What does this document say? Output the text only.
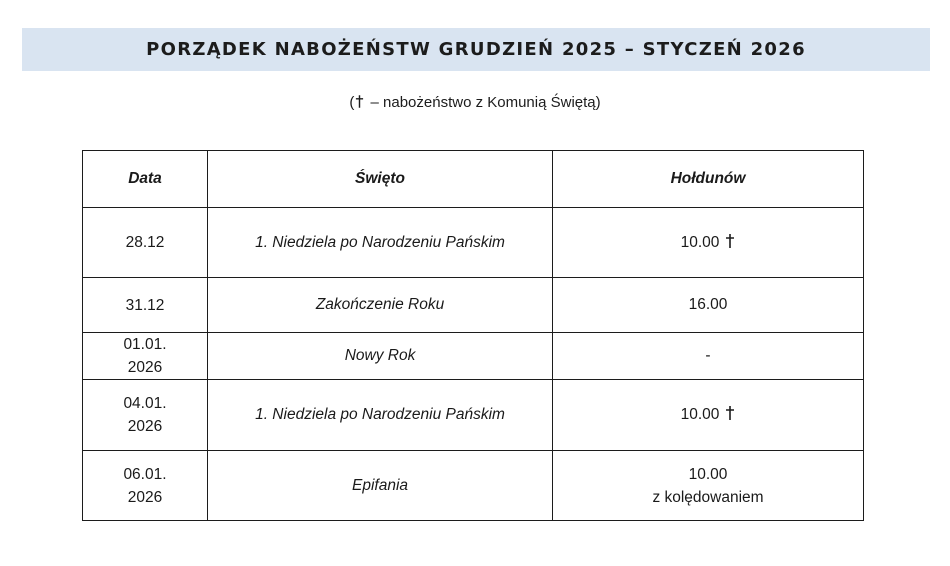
PORZĄDEK NABOŻEŃSTW GRUDZIEŃ 2025 – STYCZEŃ 2026
( – nabożeństwo z Komunią Świętą)
Data	Święto	Hołdunów

28.12	1. Niedziela po Narodzeniu Pańskim	10.00

31.12	Zakończenie Roku	16.00

01.01.
2026	Nowy Rok	-

04.01.
2026	1. Niedziela po Narodzeniu Pańskim	10.00

06.01.
2026	Epifania	10.00
z kolędowaniem
